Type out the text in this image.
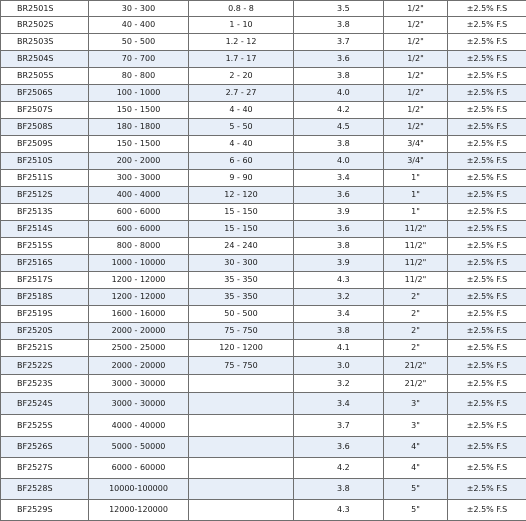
BR2501S	30 - 300	0.8 - 8	3.5	1/2"	±2.5% F.S
BR2502S	40 - 400	1 - 10	3.8	1/2"	±2.5% F.S
BR2503S	50 - 500	1.2 - 12	3.7	1/2"	±2.5% F.S
BR2504S	70 - 700	1.7 - 17	3.6	1/2"	±2.5% F.S
BR2505S	80 - 800	2 - 20	3.8	1/2"	±2.5% F.S
BF2506S	100 - 1000	2.7 - 27	4.0	1/2"	±2.5% F.S
BF2507S	150 - 1500	4 - 40	4.2	1/2"	±2.5% F.S
BF2508S	180 - 1800	5 - 50	4.5	1/2"	±2.5% F.S
BF2509S	150 - 1500	4 - 40	3.8	3/4"	±2.5% F.S
BF2510S	200 - 2000	6 - 60	4.0	3/4"	±2.5% F.S
BF2511S	300 - 3000	9 - 90	3.4	1"	±2.5% F.S
BF2512S	400 - 4000	12 - 120	3.6	1"	±2.5% F.S
BF2513S	600 - 6000	15 - 150	3.9	1"	±2.5% F.S
BF2514S	600 - 6000	15 - 150	3.6	11/2"	±2.5% F.S
BF2515S	800 - 8000	24 - 240	3.8	11/2"	±2.5% F.S
BF2516S	1000 - 10000	30 - 300	3.9	11/2"	±2.5% F.S
BF2517S	1200 - 12000	35 - 350	4.3	11/2"	±2.5% F.S
BF2518S	1200 - 12000	35 - 350	3.2	2"	±2.5% F.S
BF2519S	1600 - 16000	50 - 500	3.4	2"	±2.5% F.S
BF2520S	2000 - 20000	75 - 750	3.8	2"	±2.5% F.S
BF2521S	2500 - 25000	120 - 1200	4.1	2"	±2.5% F.S
BF2522S	2000 - 20000	75 - 750	3.0	21/2"	±2.5% F.S
BF2523S	3000 - 30000		3.2	21/2"	±2.5% F.S
BF2524S	3000 - 30000		3.4	3"	±2.5% F.S
BF2525S	4000 - 40000		3.7	3"	±2.5% F.S
BF2526S	5000 - 50000		3.6	4"	±2.5% F.S
BF2527S	6000 - 60000		4.2	4"	±2.5% F.S
BF2528S	10000-100000		3.8	5"	±2.5% F.S
BF2529S	12000-120000		4.3	5"	±2.5% F.S
